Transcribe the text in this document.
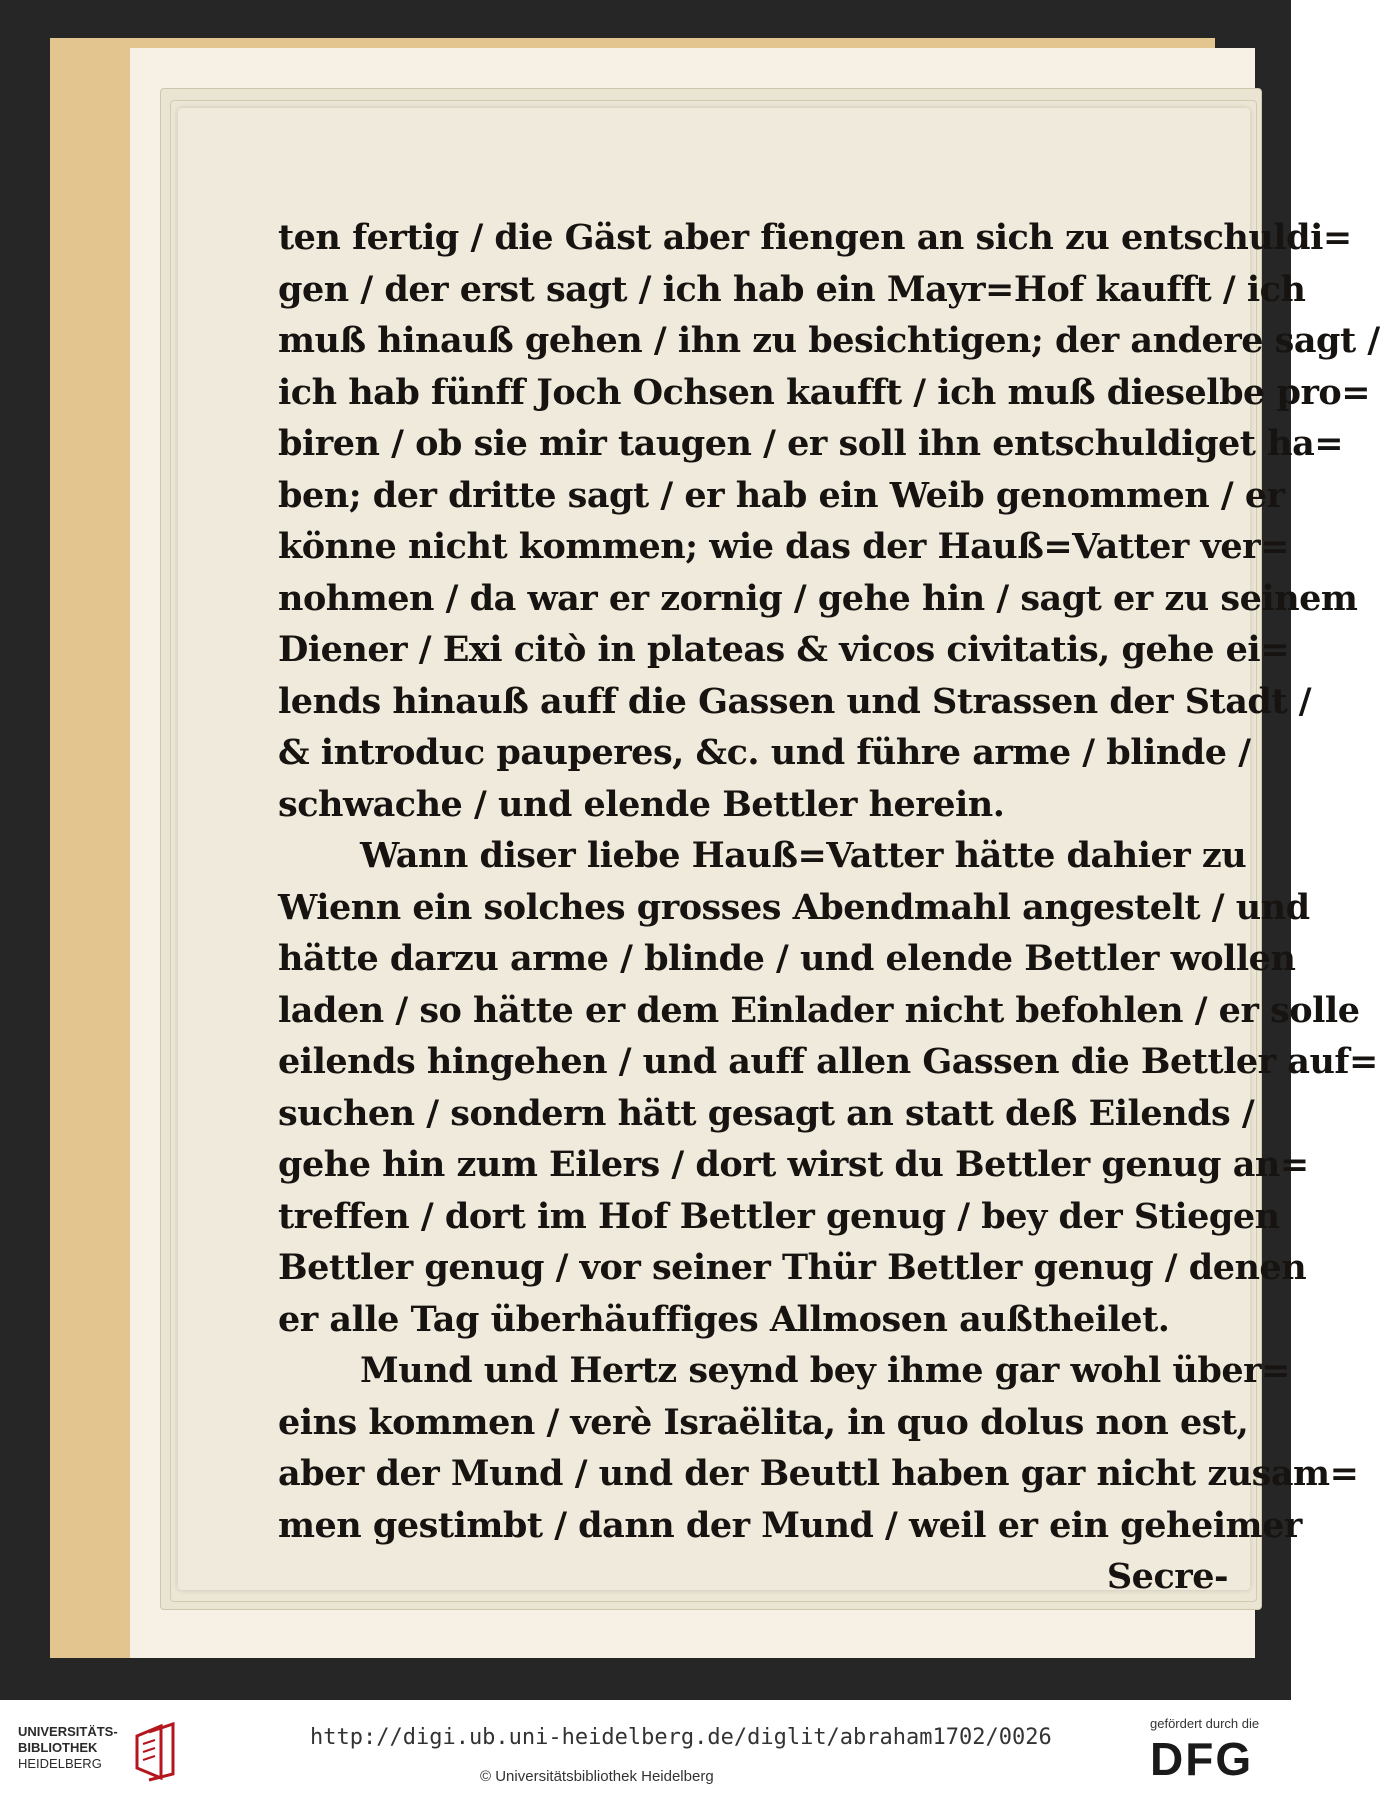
ten fertig / die Gäst aber fiengen an sich zu entschuldi=
gen / der erst sagt / ich hab ein Mayr=Hof kaufft / ich
muß hinauß gehen / ihn zu besichtigen; der andere sagt /
ich hab fünff Joch Ochsen kaufft / ich muß dieselbe pro=
biren / ob sie mir taugen / er soll ihn entschuldiget ha=
ben; der dritte sagt / er hab ein Weib genommen / er
könne nicht kommen; wie das der Hauß=Vatter ver=
nohmen / da war er zornig / gehe hin / sagt er zu seinem
Diener / Exi citò in plateas & vicos civitatis, gehe ei=
lends hinauß auff die Gassen und Strassen der Stadt /
& introduc pauperes, &c. und führe arme / blinde /
schwache / und elende Bettler herein.
Wann diser liebe Hauß=Vatter hätte dahier zu
Wienn ein solches grosses Abendmahl angestelt / und
hätte darzu arme / blinde / und elende Bettler wollen
laden / so hätte er dem Einlader nicht befohlen / er solle
eilends hingehen / und auff allen Gassen die Bettler auf=
suchen / sondern hätt gesagt an statt deß Eilends /
gehe hin zum Eilers / dort wirst du Bettler genug an=
treffen / dort im Hof Bettler genug / bey der Stiegen
Bettler genug / vor seiner Thür Bettler genug / denen
er alle Tag überhäuffiges Allmosen außtheilet.
Mund und Hertz seynd bey ihme gar wohl über=
eins kommen / verè Israëlita, in quo dolus non est,
aber der Mund / und der Beuttl haben gar nicht zusam=
men gestimbt / dann der Mund / weil er ein geheimer
Secre-
UNIVERSITÄTS-
BIBLIOTHEK
HEIDELBERG
http://digi.ub.uni-heidelberg.de/diglit/abraham1702/0026
© Universitätsbibliothek Heidelberg
gefördert durch die
DFG
